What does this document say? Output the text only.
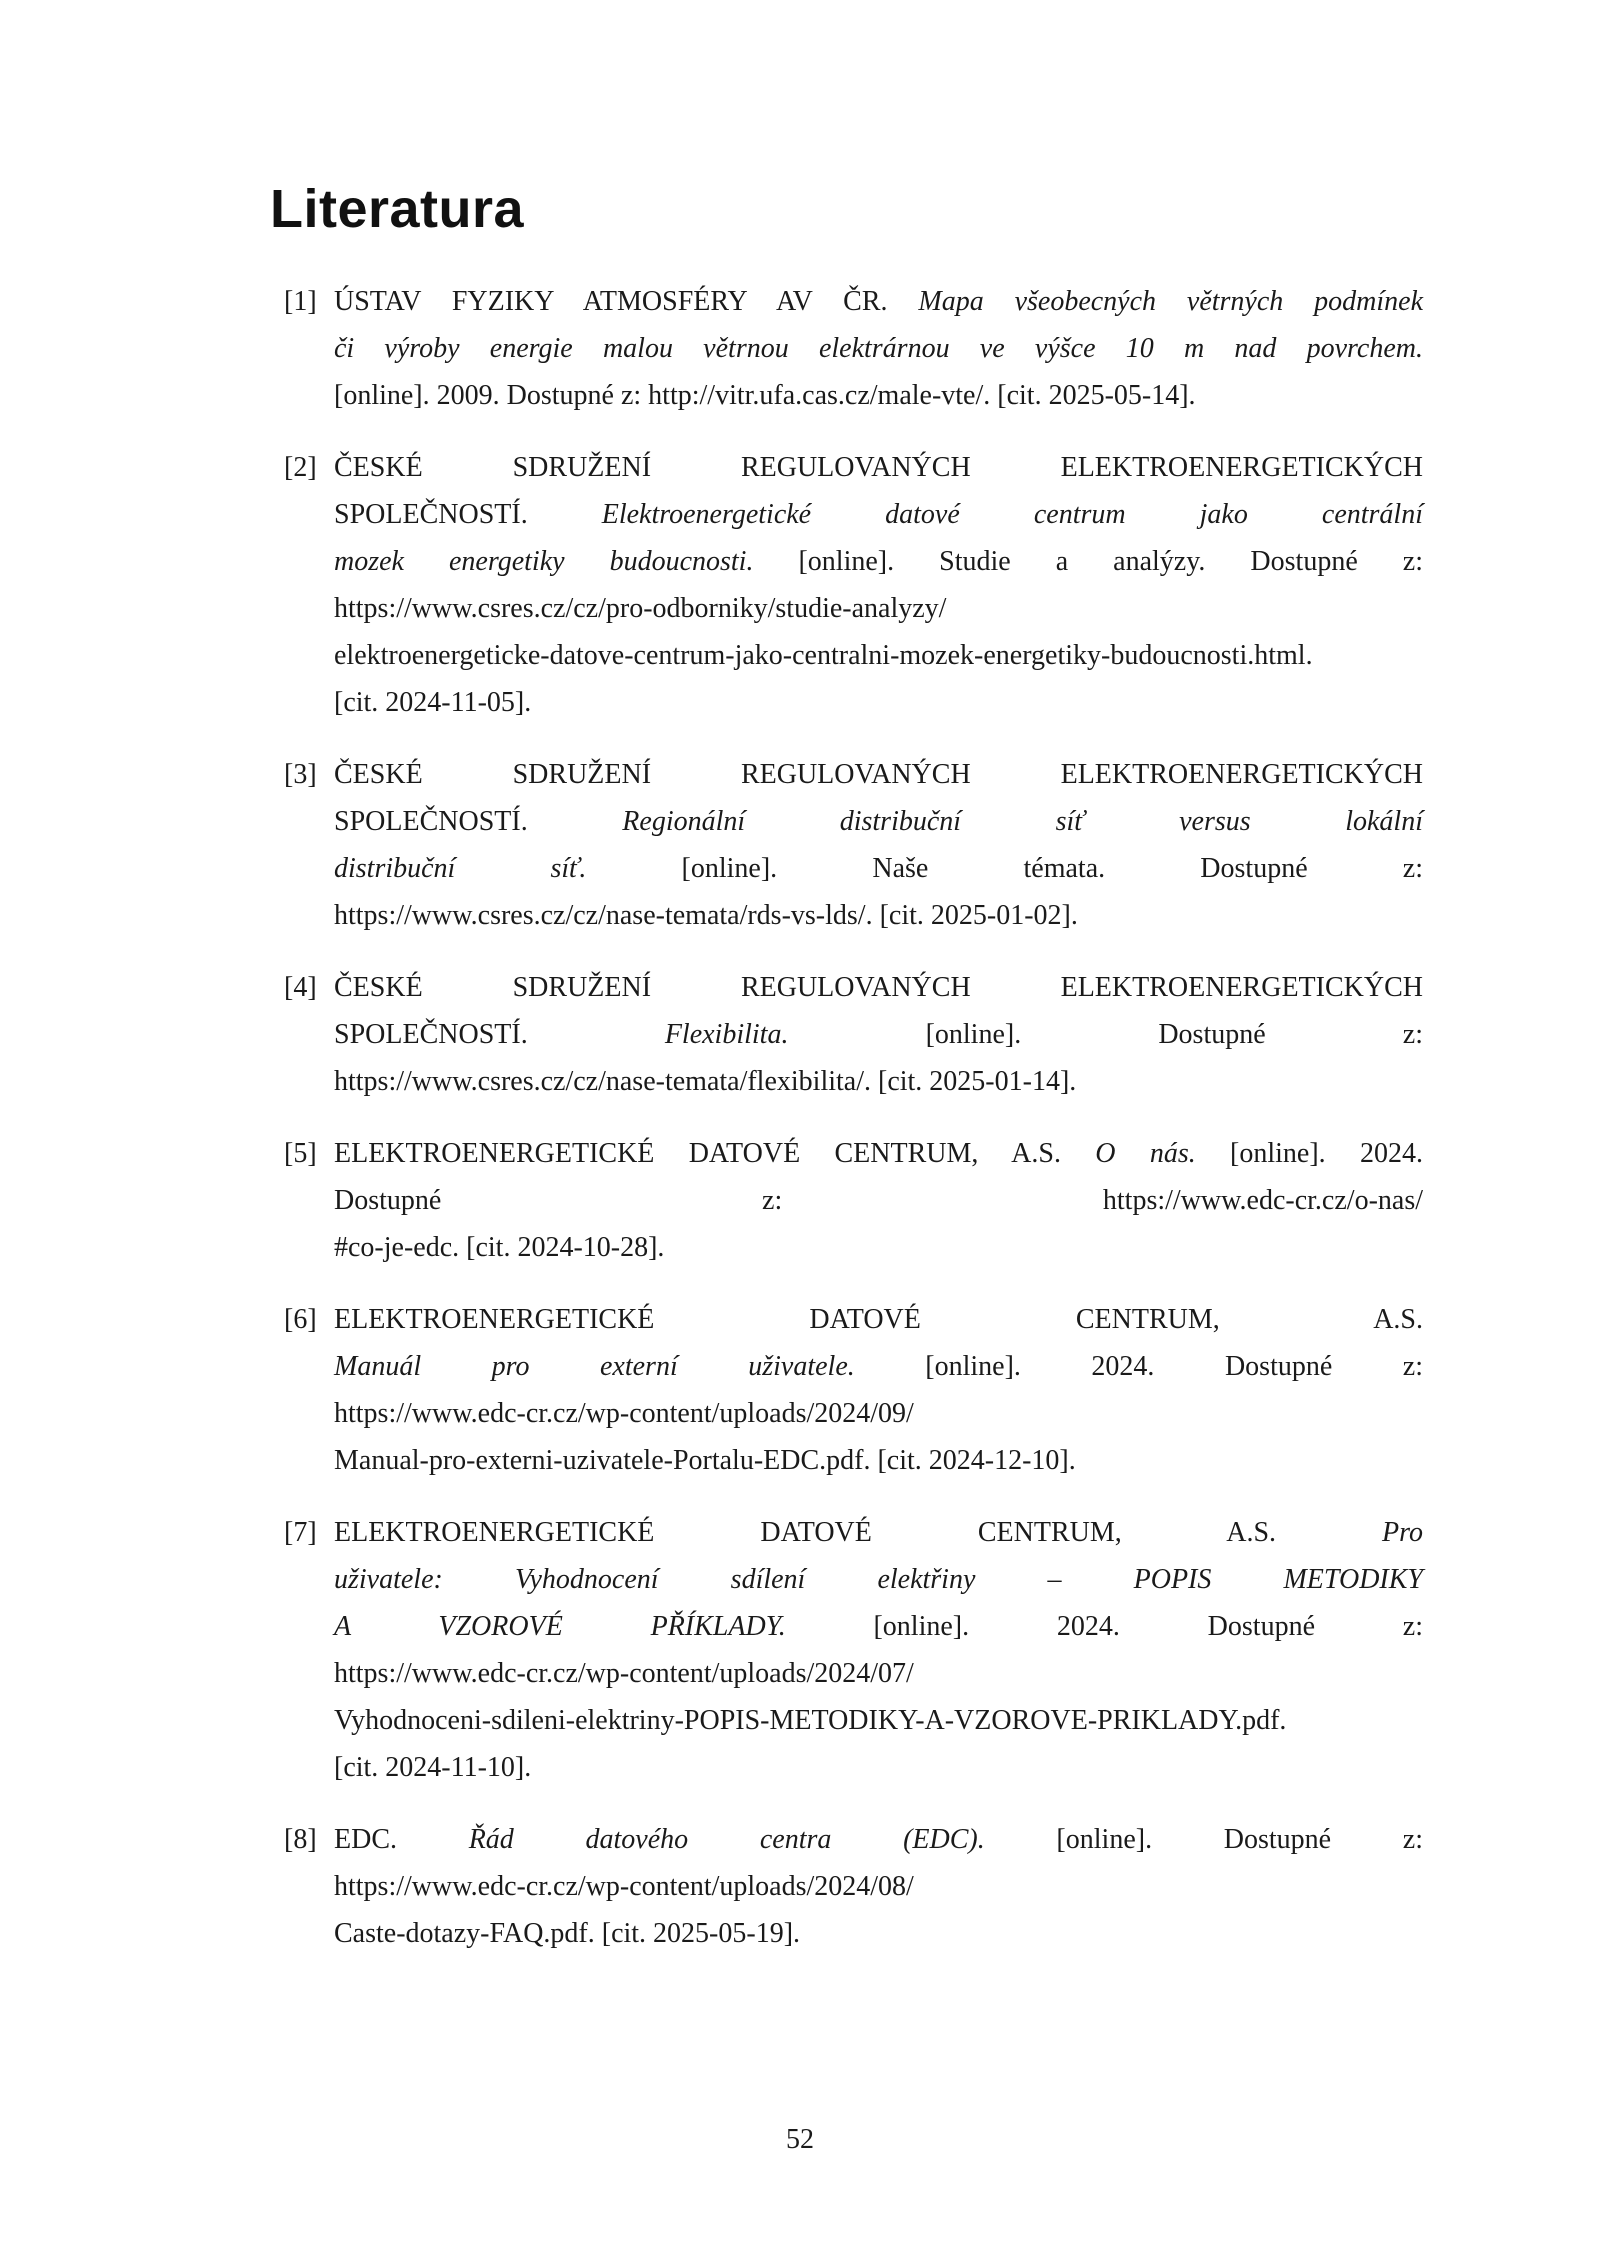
Literatura
[1] ÚSTAV FYZIKY ATMOSFÉRY AV ČR. Mapa všeobecných větrných podmínek
či výroby energie malou větrnou elektrárnou ve výšce 10 m nad povrchem.
[online]. 2009. Dostupné z: http://vitr.ufa.cas.cz/male-vte/. [cit. 2025-05-14].
[2] ČESKÉ SDRUŽENÍ REGULOVANÝCH ELEKTROENERGETICKÝCH
SPOLEČNOSTÍ. Elektroenergetické datové centrum jako centrální
mozek energetiky budoucnosti. [online]. Studie a analýzy. Dostupné z:
https://www.csres.cz/cz/pro-odborniky/studie-analyzy/
elektroenergeticke-datove-centrum-jako-centralni-mozek-energetiky-budoucnosti.html.
[cit. 2024-11-05].
[3] ČESKÉ SDRUŽENÍ REGULOVANÝCH ELEKTROENERGETICKÝCH
SPOLEČNOSTÍ. Regionální distribuční síť versus lokální
distribuční síť. [online]. Naše témata. Dostupné z:
https://www.csres.cz/cz/nase-temata/rds-vs-lds/. [cit. 2025-01-02].
[4] ČESKÉ SDRUŽENÍ REGULOVANÝCH ELEKTROENERGETICKÝCH
SPOLEČNOSTÍ. Flexibilita. [online]. Dostupné z:
https://www.csres.cz/cz/nase-temata/flexibilita/. [cit. 2025-01-14].
[5] ELEKTROENERGETICKÉ DATOVÉ CENTRUM, A.S. O nás. [online]. 2024.
Dostupné z: https://www.edc-cr.cz/o-nas/
#co-je-edc. [cit. 2024-10-28].
[6] ELEKTROENERGETICKÉ DATOVÉ CENTRUM, A.S.
Manuál pro externí uživatele. [online]. 2024. Dostupné z:
https://www.edc-cr.cz/wp-content/uploads/2024/09/
Manual-pro-externi-uzivatele-Portalu-EDC.pdf. [cit. 2024-12-10].
[7] ELEKTROENERGETICKÉ DATOVÉ CENTRUM, A.S. Pro
uživatele: Vyhodnocení sdílení elektřiny – POPIS METODIKY
A VZOROVÉ PŘÍKLADY. [online]. 2024. Dostupné z:
https://www.edc-cr.cz/wp-content/uploads/2024/07/
Vyhodnoceni-sdileni-elektriny-POPIS-METODIKY-A-VZOROVE-PRIKLADY.pdf.
[cit. 2024-11-10].
[8] EDC. Řád datového centra (EDC). [online]. Dostupné z:
https://www.edc-cr.cz/wp-content/uploads/2024/08/
Caste-dotazy-FAQ.pdf. [cit. 2025-05-19].
52
